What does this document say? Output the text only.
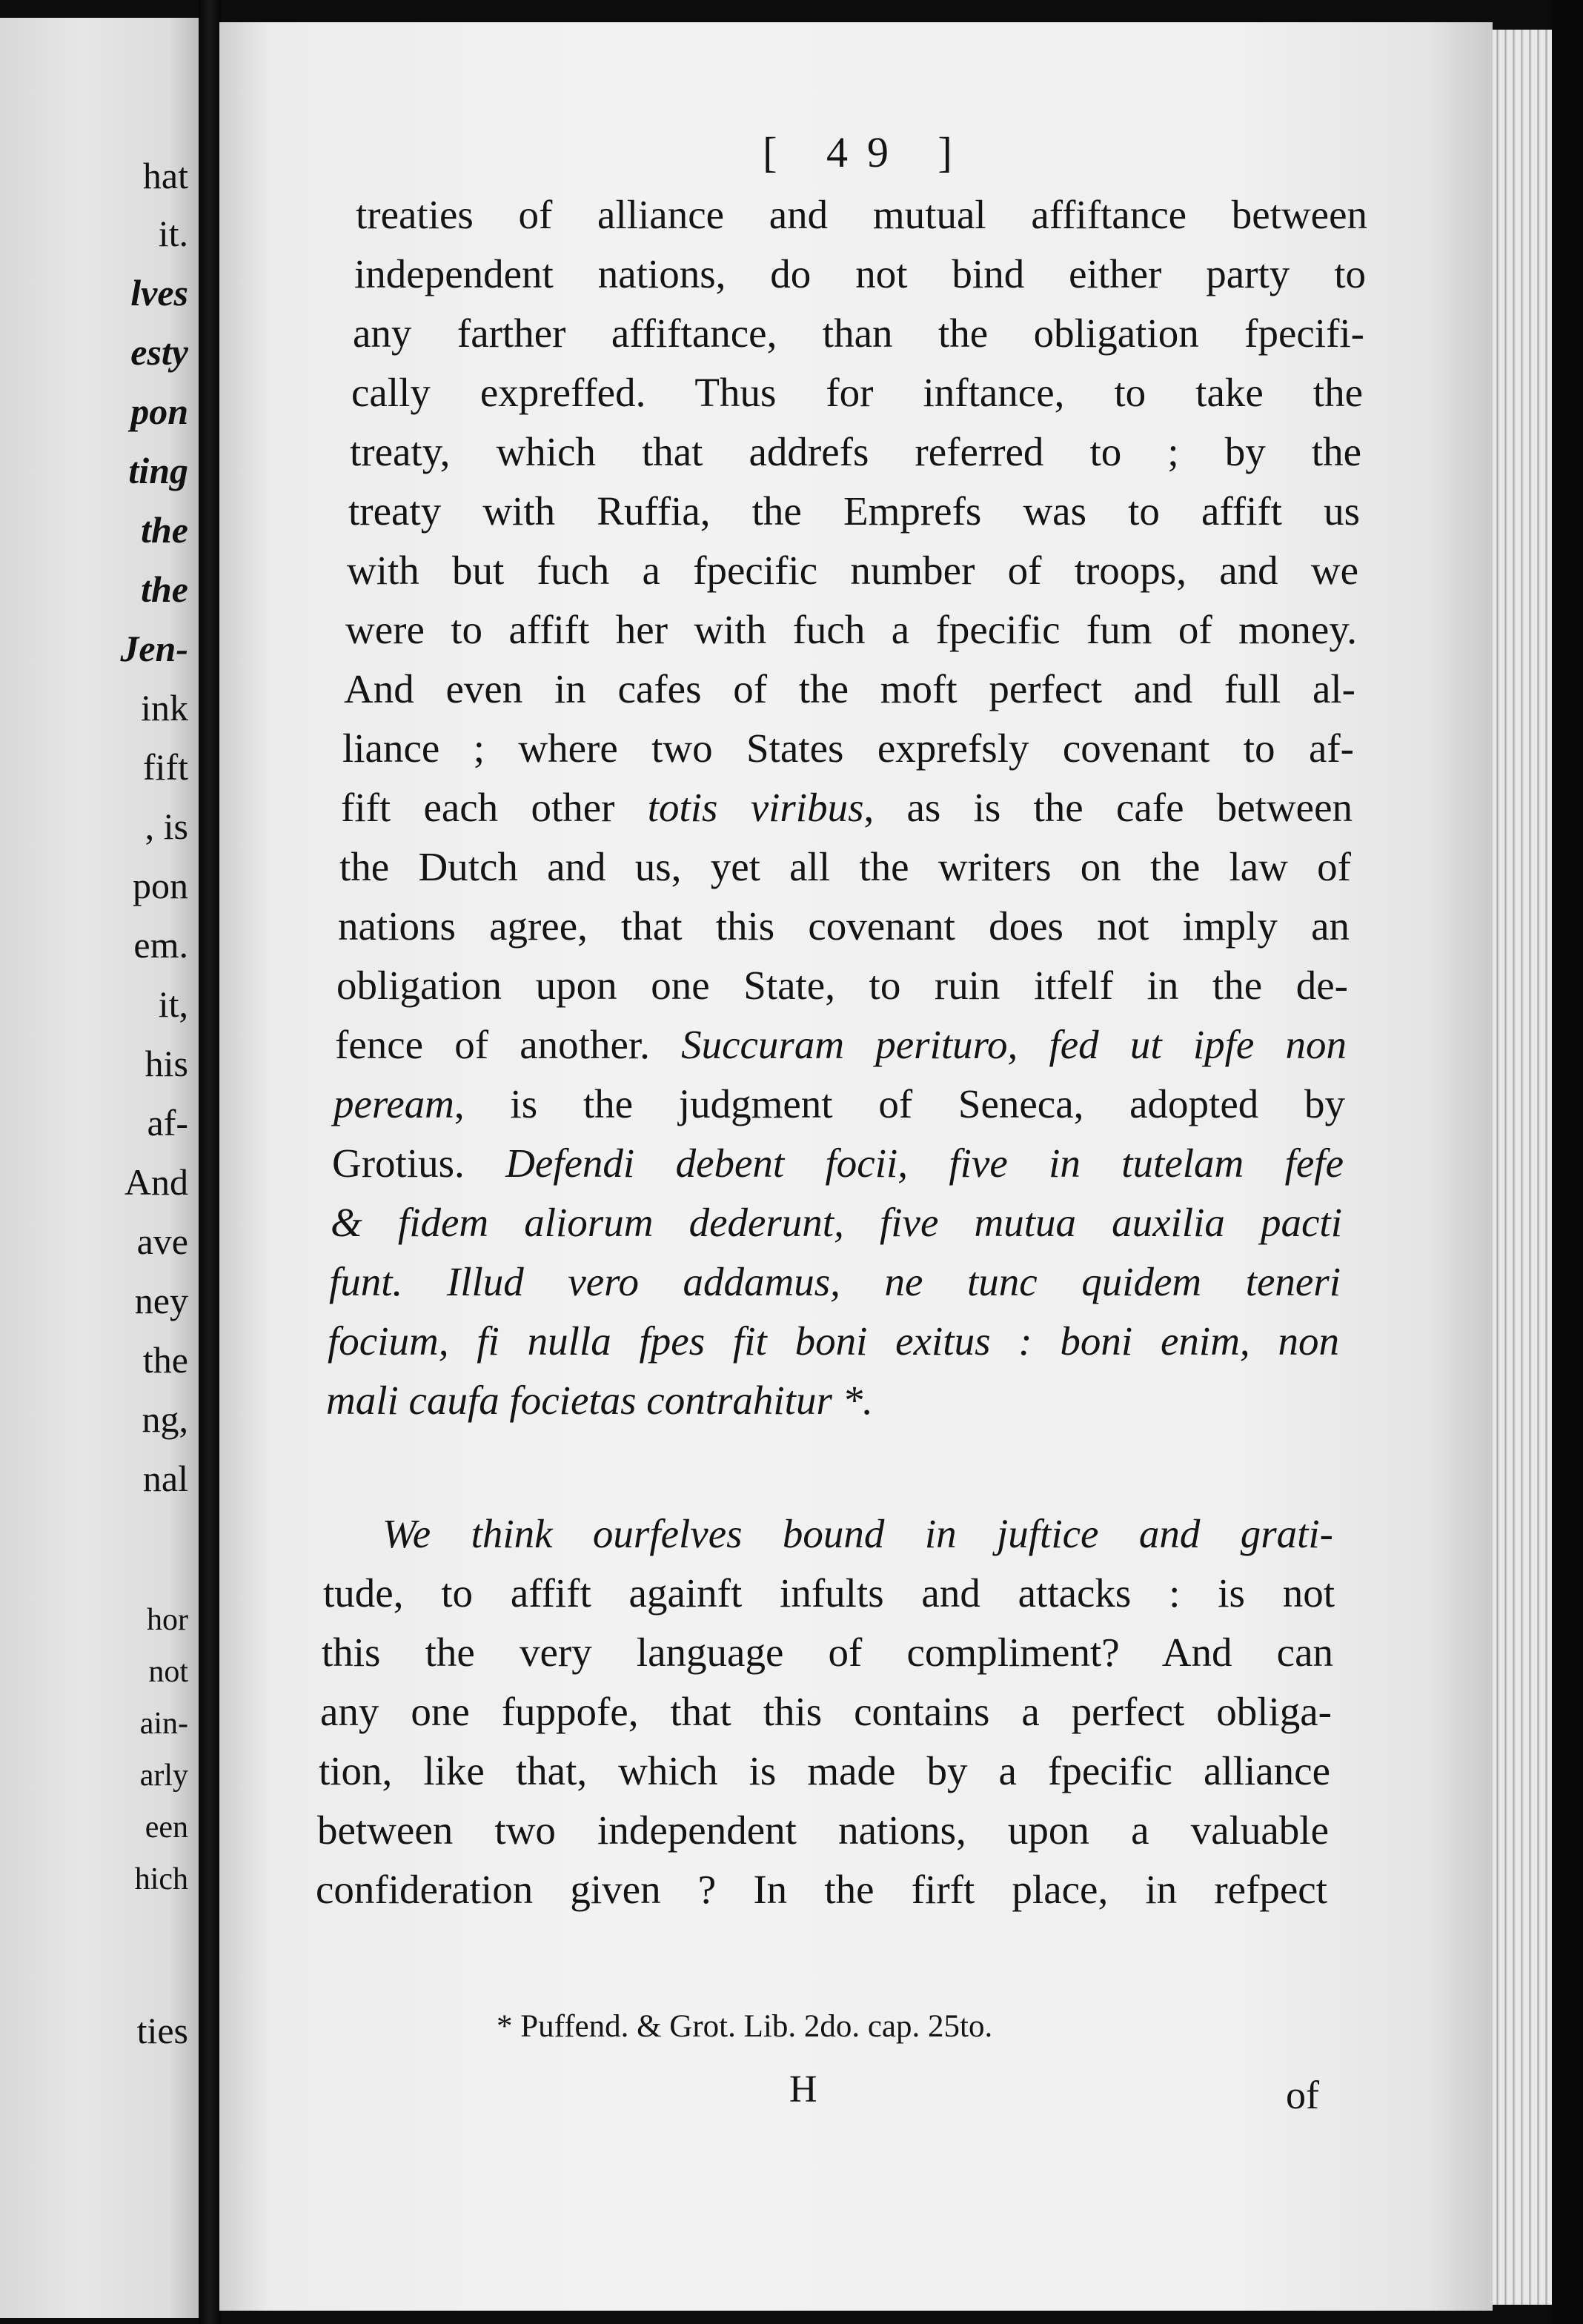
hat
it.
lves
esty
pon
ting
the
the
Jen-
ink
fift
, is
pon
em.
it,
his
af-
And
ave
ney
the
ng,
nal
hor
not
ain-
arly
een
hich
ties
[ 49 ]
treaties of alliance and mutual affiftance between
independent nations, do not bind either party to
any farther affiftance, than the obligation fpecifi-
cally expreffed. Thus for inftance, to take the
treaty, which that addrefs referred to ; by the
treaty with Ruffia, the Emprefs was to affift us
with but fuch a fpecific number of troops, and we
were to affift her with fuch a fpecific fum of money.
And even in cafes of the moft perfect and full al-
liance ; where two States exprefsly covenant to af-
fift each other totis viribus, as is the cafe between
the Dutch and us, yet all the writers on the law of
nations agree, that this covenant does not imply an
obligation upon one State, to ruin itfelf in the de-
fence of another. Succuram perituro, fed ut ipfe non
peream, is the judgment of Seneca, adopted by
Grotius. Defendi debent focii, five in tutelam fefe
& fidem aliorum dederunt, five mutua auxilia pacti
funt. Illud vero addamus, ne tunc quidem teneri
focium, fi nulla fpes fit boni exitus : boni enim, non
mali caufa focietas contrahitur *.
We think ourfelves bound in juftice and grati-
tude, to affift againft infults and attacks : is not
this the very language of compliment? And can
any one fuppofe, that this contains a perfect obliga-
tion, like that, which is made by a fpecific alliance
between two independent nations, upon a valuable
confideration given ? In the firft place, in refpect
* Puffend. & Grot. Lib. 2do. cap. 25to.
H	of
